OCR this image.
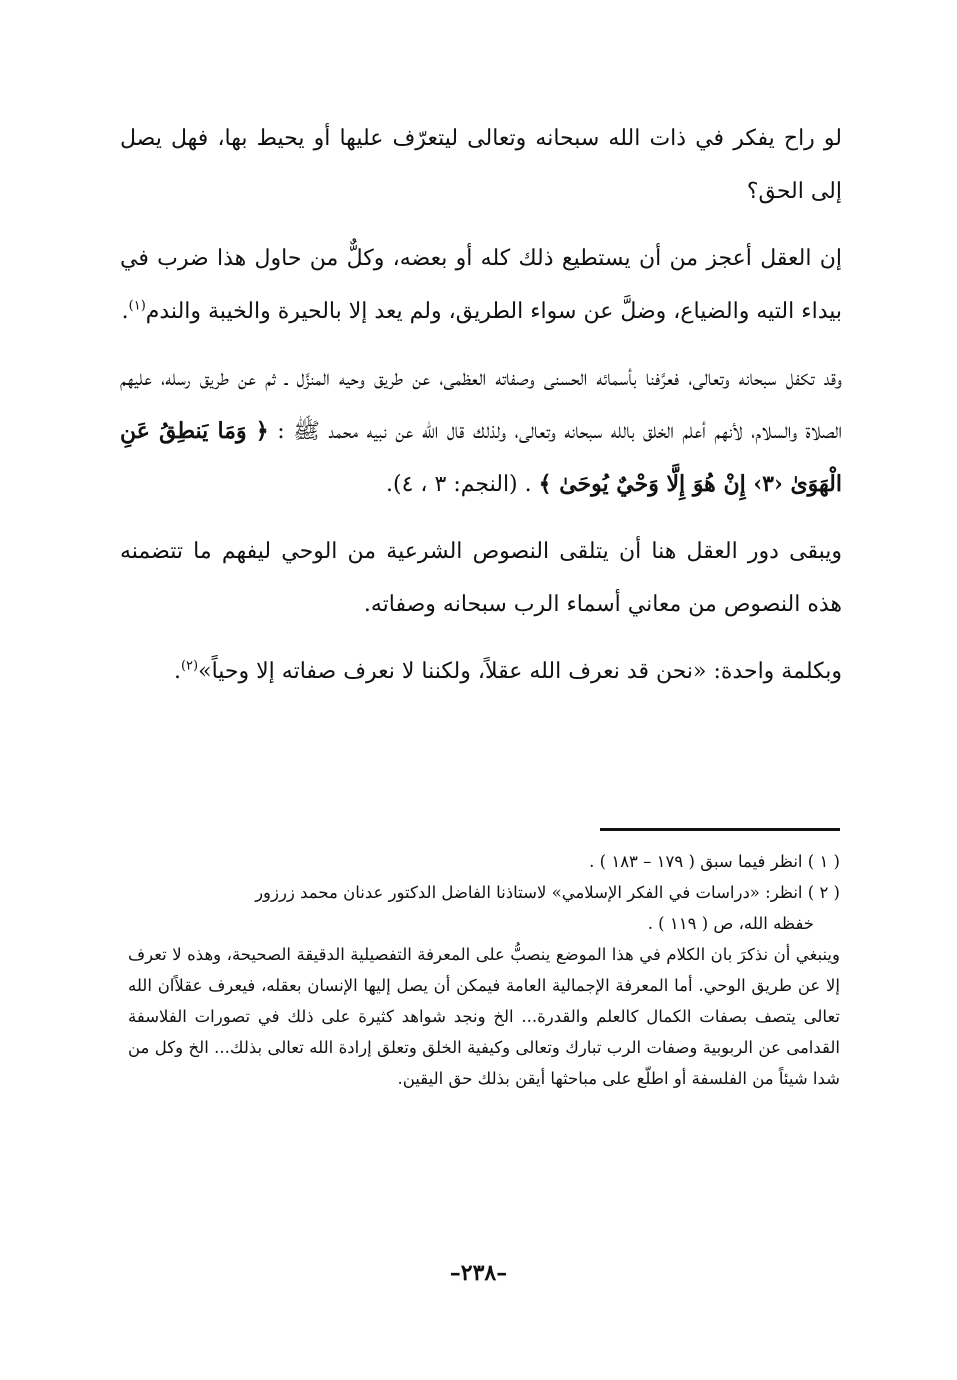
لو راح يفكر في ذات الله سبحانه وتعالى ليتعرّف عليها أو يحيط بها، فهل يصل إلى الحق؟

إن العقل أعجز من أن يستطيع ذلك كله أو بعضه، وكلٌّ من حاول هذا ضرب في بيداء التيه والضياع، وضلَّ عن سواء الطريق، ولم يعد إلا بالحيرة والخيبة والندم$^{(١)}$.

وقد تكفل سبحانه وتعالى، فعرَّفنا بأسمائه الحسنى وصفاته العظمى، عن طريق وحيه المنزَّل ـ ثم عن طريق رسله، عليهم الصلاة والسلام، لأنهم أعلم الخلق بالله سبحانه وتعالى، ولذلك قال الله عن نبيه محمد ﷺ : ﴿ وَمَا يَنطِقُ عَنِ الْهَوَىٰ ‹٣› إِنْ هُوَ إِلَّا وَحْيٌ يُوحَىٰ ﴾ . (النجم: ٣ ، ٤).

ويبقى دور العقل هنا أن يتلقى النصوص الشرعية من الوحي ليفهم ما تتضمنه هذه النصوص من معاني أسماء الرب سبحانه وصفاته.

وبكلمة واحدة: «نحن قد نعرف الله عقلاً، ولكننا لا نعرف صفاته إلا وحياً»$^{(٢)}$.

( ١ ) انظر فيما سبق ( ١٧٩ – ١٨٣ ) .

( ٢ ) انظر: «دراسات في الفكر الإسلامي» لاستاذنا الفاضل الدكتور عدنان محمد زرزور

خفظه الله، ص ( ١١٩ ) .

وينبغي أن نذكرَ بان الكلام في هذا الموضع ينصبُّ على المعرفة التفصيلية الدقيقة الصحيحة، وهذه لا تعرف إلا عن طريق الوحي. أما المعرفة الإجمالية العامة فيمكن أن يصل إليها الإنسان بعقله، فيعرف عقلاًان الله تعالى يتصف بصفات الكمال كالعلم والقدرة... الخ ونجد شواهد كثيرة على ذلك في تصورات الفلاسفة القدامى عن الربوبية وصفات الرب تبارك وتعالى وكيفية الخلق وتعلق إرادة الله تعالى بذلك... الخ وكل من شدا شيئاً من الفلسفة أو اطلّع على مباحثها أيقن بذلك حق اليقين.

–٢٣٨–
